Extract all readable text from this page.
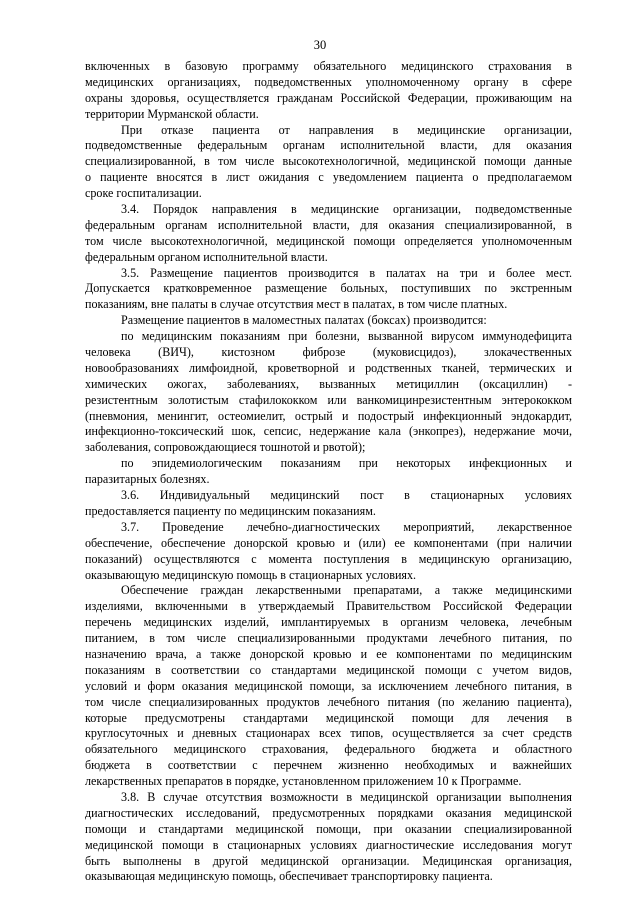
30
включенных в базовую программу обязательного медицинского страхования в
медицинских организациях, подведомственных уполномоченному органу в сфере
охраны здоровья, осуществляется гражданам Российской Федерации, проживающим на
территории Мурманской области.
При отказе пациента от направления в медицинские организации,
подведомственные федеральным органам исполнительной власти, для оказания
специализированной, в том числе высокотехнологичной, медицинской помощи данные
о пациенте вносятся в лист ожидания с уведомлением пациента о предполагаемом
сроке госпитализации.
3.4. Порядок направления в медицинские организации, подведомственные
федеральным органам исполнительной власти, для оказания специализированной, в
том числе высокотехнологичной, медицинской помощи определяется уполномоченным
федеральным органом исполнительной власти.
3.5. Размещение пациентов производится в палатах на три и более мест.
Допускается кратковременное размещение больных, поступивших по экстренным
показаниям, вне палаты в случае отсутствия мест в палатах, в том числе платных.
Размещение пациентов в маломестных палатах (боксах) производится:
по медицинским показаниям при болезни, вызванной вирусом иммунодефицита
человека (ВИЧ), кистозном фиброзе (муковисцидоз), злокачественных
новообразованиях лимфоидной, кроветворной и родственных тканей, термических и
химических ожогах, заболеваниях, вызванных метициллин (оксациллин) -
резистентным золотистым стафилококком или ванкомицинрезистентным энтерококком
(пневмония, менингит, остеомиелит, острый и подострый инфекционный эндокардит,
инфекционно-токсический шок, сепсис, недержание кала (энкопрез), недержание мочи,
заболевания, сопровождающиеся тошнотой и рвотой);
по эпидемиологическим показаниям при некоторых инфекционных и
паразитарных болезнях.
3.6. Индивидуальный медицинский пост в стационарных условиях
предоставляется пациенту по медицинским показаниям.
3.7. Проведение лечебно-диагностических мероприятий, лекарственное
обеспечение, обеспечение донорской кровью и (или) ее компонентами (при наличии
показаний) осуществляются с момента поступления в медицинскую организацию,
оказывающую медицинскую помощь в стационарных условиях.
Обеспечение граждан лекарственными препаратами, а также медицинскими
изделиями, включенными в утверждаемый Правительством Российской Федерации
перечень медицинских изделий, имплантируемых в организм человека, лечебным
питанием, в том числе специализированными продуктами лечебного питания, по
назначению врача, а также донорской кровью и ее компонентами по медицинским
показаниям в соответствии со стандартами медицинской помощи с учетом видов,
условий и форм оказания медицинской помощи, за исключением лечебного питания, в
том числе специализированных продуктов лечебного питания (по желанию пациента),
которые предусмотрены стандартами медицинской помощи для лечения в
круглосуточных и дневных стационарах всех типов, осуществляется за счет средств
обязательного медицинского страхования, федерального бюджета и областного
бюджета в соответствии с перечнем жизненно необходимых и важнейших
лекарственных препаратов в порядке, установленном приложением 10 к Программе.
3.8. В случае отсутствия возможности в медицинской организации выполнения
диагностических исследований, предусмотренных порядками оказания медицинской
помощи и стандартами медицинской помощи, при оказании специализированной
медицинской помощи в стационарных условиях диагностические исследования могут
быть выполнены в другой медицинской организации. Медицинская организация,
оказывающая медицинскую помощь, обеспечивает транспортировку пациента.
